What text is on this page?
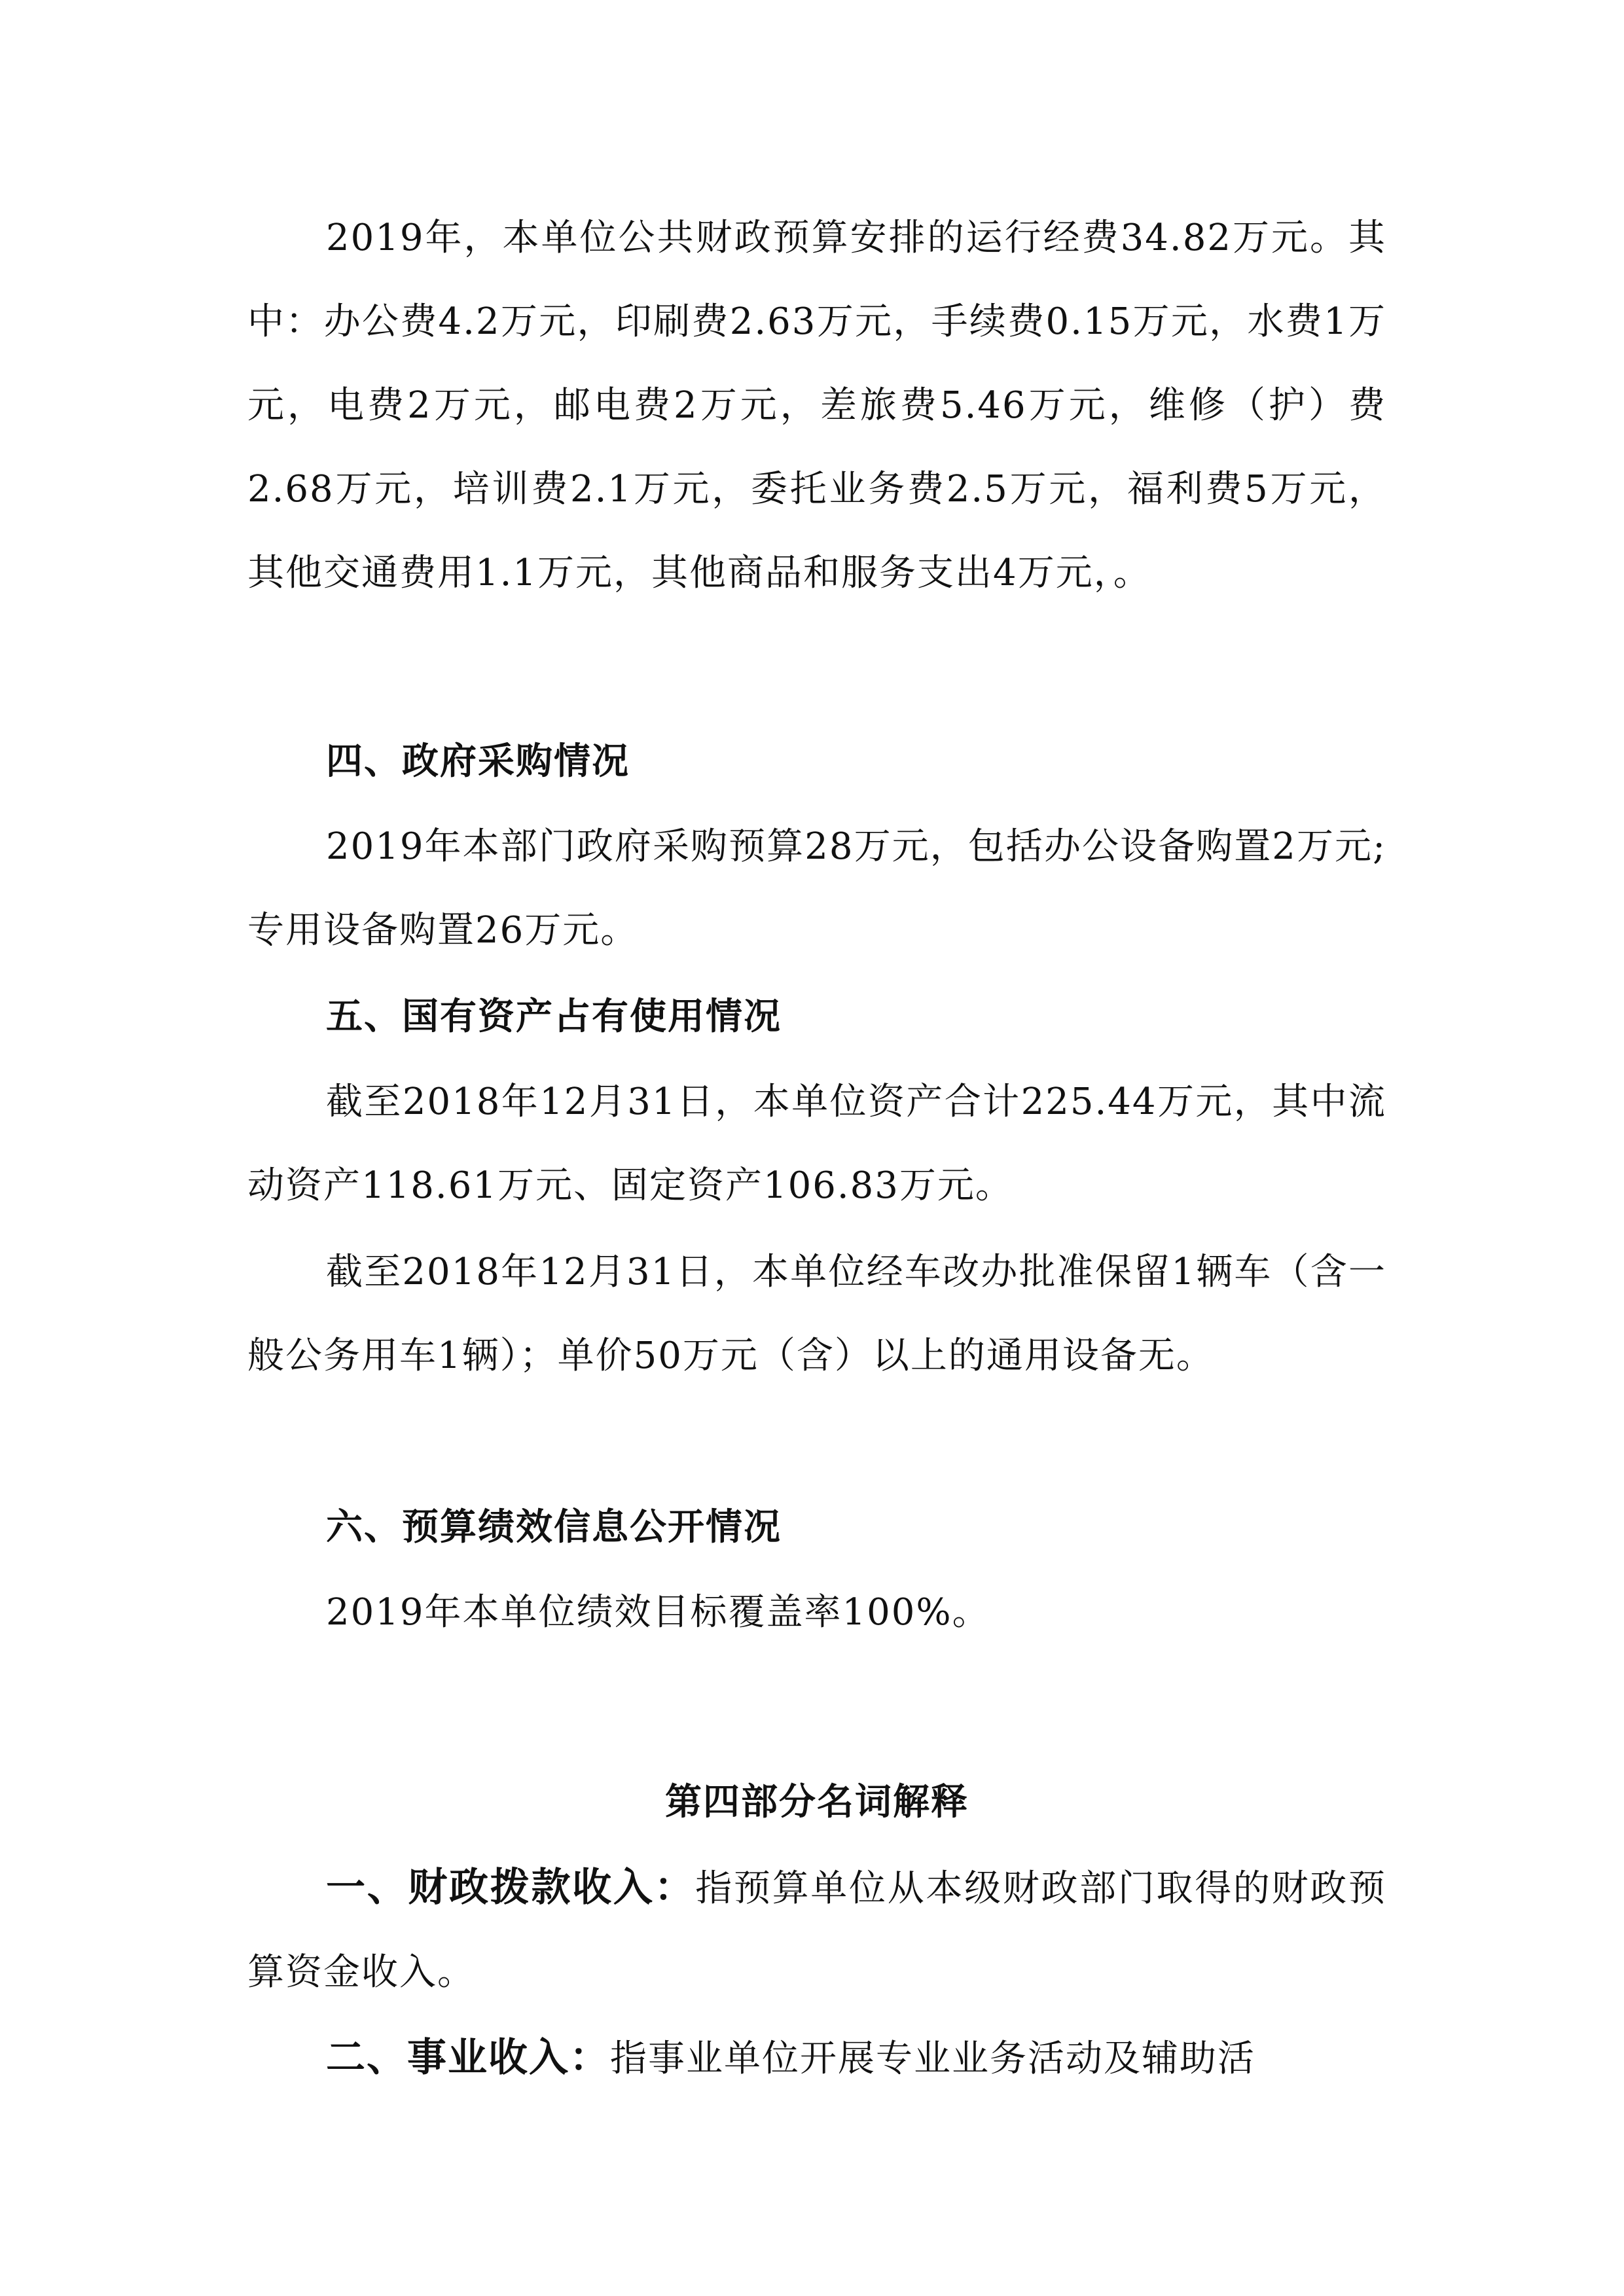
2019年，本单位公共财政预算安排的运行经费34.82万元。其中：办公费4.2万元，印刷费2.63万元，手续费0.15万元，水费1万元，电费2万元，邮电费2万元，差旅费5.46万元，维修（护）费2.68万元，培训费2.1万元，委托业务费2.5万元，福利费5万元，其他交通费用1.1万元，其他商品和服务支出4万元，。

四、政府采购情况

2019年本部门政府采购预算28万元，包括办公设备购置2万元;专用设备购置26万元。

五、国有资产占有使用情况

截至2018年12月31日，本单位资产合计225.44万元，其中流动资产118.61万元、固定资产106.83万元。

截至2018年12月31日，本单位经车改办批准保留1辆车（含一般公务用车1辆）；单价50万元（含）以上的通用设备无。

六、预算绩效信息公开情况

2019年本单位绩效目标覆盖率100%。

第四部分名词解释

一、财政拨款收入：指预算单位从本级财政部门取得的财政预算资金收入。

二、事业收入：指事业单位开展专业业务活动及辅助活
